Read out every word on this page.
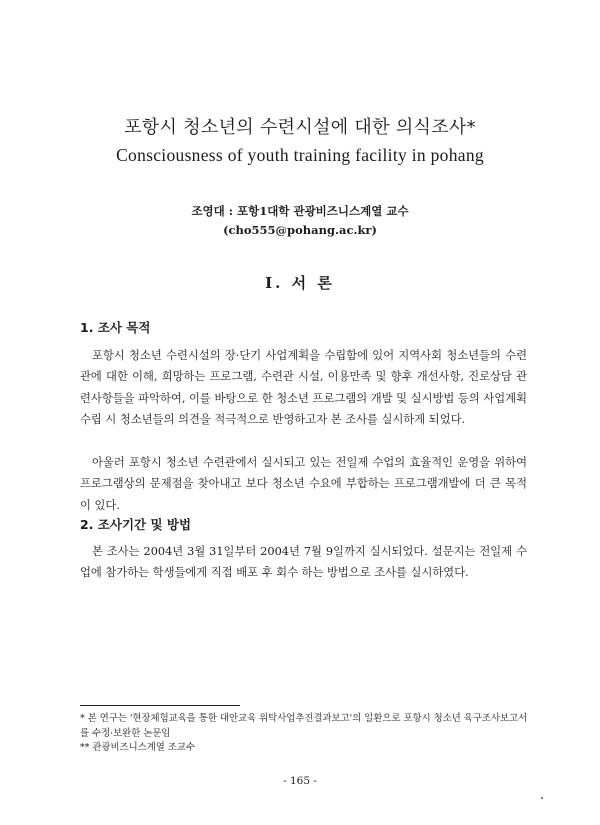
포항시 청소년의 수련시설에 대한 의식조사*
Consciousness of youth training facility in pohang
조영대 : 포항1대학 관광비즈니스계열 교수
(cho555@pohang.ac.kr)
I. 서 론
1. 조사 목적

포항시 청소년 수련시설의 장·단기 사업계획을 수립함에 있어 지역사회 청소년들의 수련관에 대한 이해, 희망하는 프로그램, 수련관 시설, 이용만족 및 향후 개선사항, 진로상담 관련사항들을 파악하여, 이를 바탕으로 한 청소년 프로그램의 개발 및 실시방법 등의 사업계획 수립 시 청소년들의 의견을 적극적으로 반영하고자 본 조사를 실시하게 되었다.

아울러 포항시 청소년 수련관에서 실시되고 있는 전일제 수업의 효율적인 운영을 위하여 프로그램상의 문제점을 찾아내고 보다 청소년 수요에 부합하는 프로그램개발에 더 큰 목적이 있다.

2. 조사기간 및 방법

본 조사는 2004년 3월 31일부터 2004년 7월 9일까지 실시되었다. 설문지는 전일제 수업에 참가하는 학생들에게 직접 배포 후 회수 하는 방법으로 조사를 실시하였다.

* 본 연구는 '현장체험교육을 통한 대안교육 위탁사업추진결과보고'의 일환으로 포항시 청소년 육구조사보고서를 수정·보완한 논문임
** 관광비즈니스계열 조교수
- 165 -
